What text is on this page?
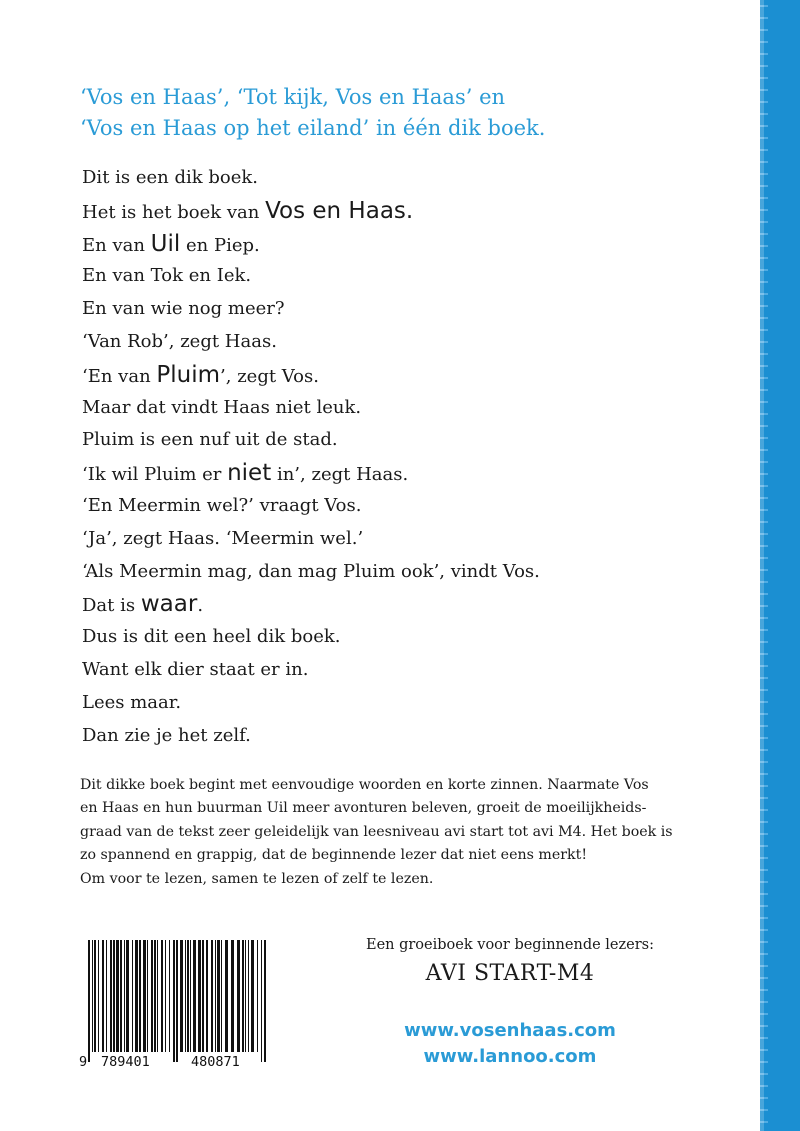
‘Vos en Haas’, ‘Tot kijk, Vos en Haas’ en
‘Vos en Haas op het eiland’ in één dik boek.
Dit is een dik boek.
Het is het boek van Vos en Haas.
En van Uil en Piep.
En van Tok en Iek.
En van wie nog meer?
‘Van Rob’, zegt Haas.
‘En van Pluim’, zegt Vos.
Maar dat vindt Haas niet leuk.
Pluim is een nuf uit de stad.
‘Ik wil Pluim er niet in’, zegt Haas.
‘En Meermin wel?’ vraagt Vos.
‘Ja’, zegt Haas. ‘Meermin wel.’
‘Als Meermin mag, dan mag Pluim ook’, vindt Vos.
Dat is waar.
Dus is dit een heel dik boek.
Want elk dier staat er in.
Lees maar.
Dan zie je het zelf.
Dit dikke boek begint met eenvoudige woorden en korte zinnen. Naarmate Vos
en Haas en hun buurman Uil meer avonturen beleven, groeit de moeilijkheids-
graad van de tekst zeer geleidelijk van leesniveau avi start tot avi M4. Het boek is
zo spannend en grappig, dat de beginnende lezer dat niet eens merkt!
Om voor te lezen, samen te lezen of zelf te lezen.
9 789401	480871
Een groeiboek voor beginnende lezers:
AVI START-M4
www.vosenhaas.com
www.lannoo.com
